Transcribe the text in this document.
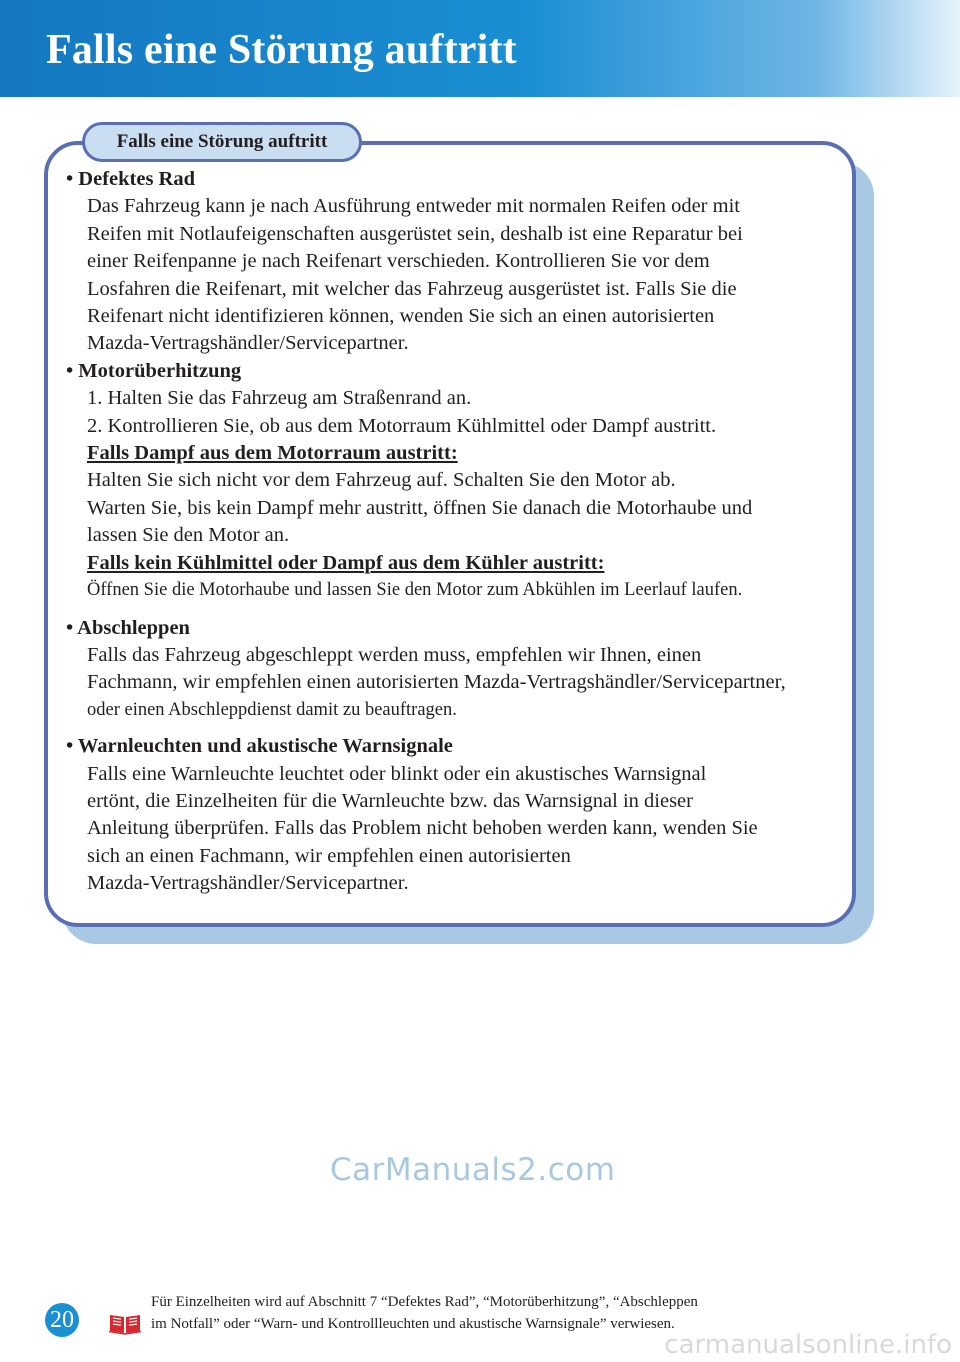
Falls eine Störung auftritt
Falls eine Störung auftritt
• Defektes Rad
Das Fahrzeug kann je nach Ausführung entweder mit normalen Reifen oder mit
Reifen mit Notlaufeigenschaften ausgerüstet sein, deshalb ist eine Reparatur bei
einer Reifenpanne je nach Reifenart verschieden. Kontrollieren Sie vor dem
Losfahren die Reifenart, mit welcher das Fahrzeug ausgerüstet ist. Falls Sie die
Reifenart nicht identifizieren können, wenden Sie sich an einen autorisierten
Mazda-Vertragshändler/Servicepartner.
• Motorüberhitzung
1. Halten Sie das Fahrzeug am Straßenrand an.
2. Kontrollieren Sie, ob aus dem Motorraum Kühlmittel oder Dampf austritt.
Falls Dampf aus dem Motorraum austritt:
Halten Sie sich nicht vor dem Fahrzeug auf. Schalten Sie den Motor ab.
Warten Sie, bis kein Dampf mehr austritt, öffnen Sie danach die Motorhaube und
lassen Sie den Motor an.
Falls kein Kühlmittel oder Dampf aus dem Kühler austritt:
Öffnen Sie die Motorhaube und lassen Sie den Motor zum Abkühlen im Leerlauf laufen.
• Abschleppen
Falls das Fahrzeug abgeschleppt werden muss, empfehlen wir Ihnen, einen
Fachmann, wir empfehlen einen autorisierten Mazda-Vertragshändler/Servicepartner,
oder einen Abschleppdienst damit zu beauftragen.
• Warnleuchten und akustische Warnsignale
Falls eine Warnleuchte leuchtet oder blinkt oder ein akustisches Warnsignal
ertönt, die Einzelheiten für die Warnleuchte bzw. das Warnsignal in dieser
Anleitung überprüfen. Falls das Problem nicht behoben werden kann, wenden Sie
sich an einen Fachmann, wir empfehlen einen autorisierten
Mazda-Vertragshändler/Servicepartner.
CarManuals2.com
20
Für Einzelheiten wird auf Abschnitt 7 “Defektes Rad”, “Motorüberhitzung”, “Abschleppen
im Notfall” oder “Warn- und Kontrollleuchten und akustische Warnsignale” verwiesen.
carmanualsonline.info
